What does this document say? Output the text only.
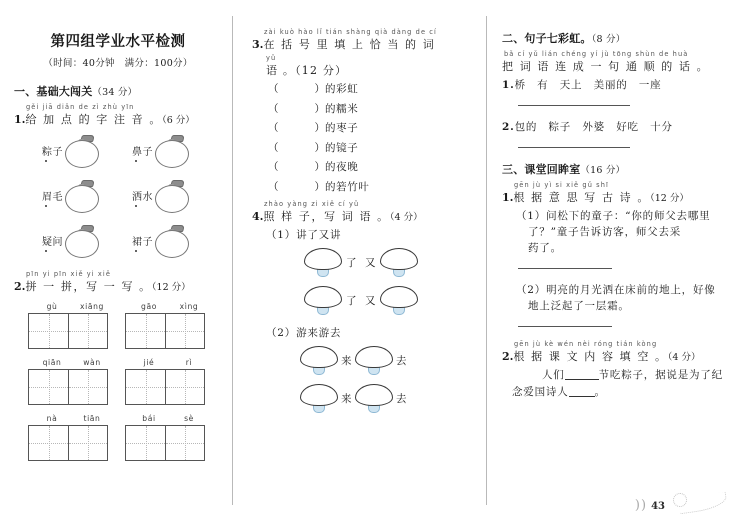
第四组学业水平检测
（时间：40分钟　满分：100分）
一、基础大闯关（34 分）
gěi jiā diǎn de zì zhù yīn
1.给 加 点 的 字 注 音 。（6 分）
粽子	鼻子
眉毛	洒水
疑问	裙子
pīn yi pīn xiě yi xiě
2.拼 一 拼，写 一 写 。（12 分）
gù	xiāng	gāo	xìng
qiān	wàn	jié	rì
nà	tiān	bái	sè
zài kuò hào lǐ tián shàng qià dàng de cí
3.在 括 号 里 填 上 恰 当 的 词
yǔ
语 。（12 分）
（	）的彩虹
（	）的糯米
（	）的枣子
（	）的镜子
（	）的夜晚
（	）的箬竹叶
zhào yàng zi xiě cí yǔ
4.照 样 子，写 词 语 。（4 分）
（1）讲了又讲
了 又
了 又
（2）游来游去
来	去
来	去
二、句子七彩虹。（8 分）
bǎ cí yǔ lián chéng yí jù tōng shùn de huà
把 词 语 连 成 一 句 通 顺 的 话 。
1.桥　有　天上　美丽的　一座
2.包的　粽子　外婆　好吃　十分
三、课堂回眸室（16 分）
gēn jù yì si xiě gǔ shī
1.根 据 意 思 写 古 诗 。（12 分）
（1）问松下的童子：“你的师父去哪里
了？”童子告诉访客，师父去采
药了。
（2）明亮的月光洒在床前的地上，好像
地上泛起了一层霜。
gēn jù kè wén nèi róng tián kòng
2.根 据 课 文 内 容 填 空 。（4 分）
人们	节吃粽子，据说是为了纪
念爱国诗人 。
) ) 43
